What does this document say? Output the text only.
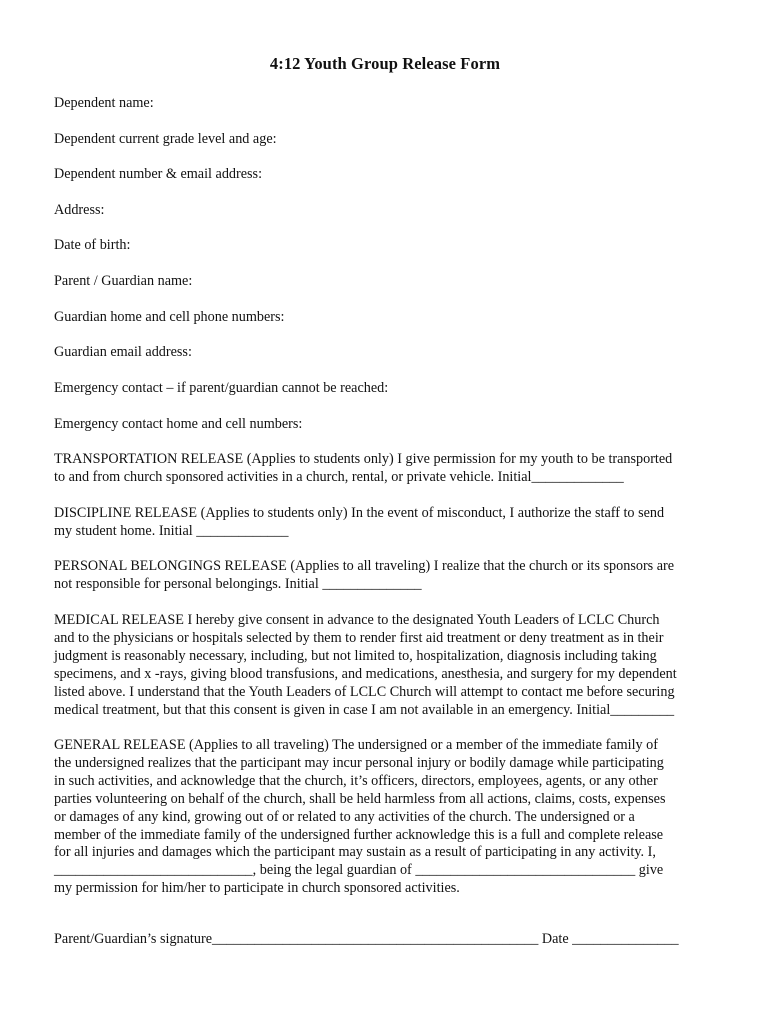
4:12 Youth Group Release Form
Dependent name:
Dependent current grade level and age:
Dependent number & email address:
Address:
Date of birth:
Parent / Guardian name:
Guardian home and cell phone numbers:
Guardian email address:
Emergency contact – if parent/guardian cannot be reached:
Emergency contact home and cell numbers:
TRANSPORTATION RELEASE (Applies to students only) I give permission for my youth to be transported
to and from church sponsored activities in a church, rental, or private vehicle. Initial_____________
DISCIPLINE RELEASE (Applies to students only) In the event of misconduct, I authorize the staff to send
my student home. Initial _____________
PERSONAL BELONGINGS RELEASE (Applies to all traveling) I realize that the church or its sponsors are
not responsible for personal belongings. Initial ______________
MEDICAL RELEASE I hereby give consent in advance to the designated Youth Leaders of LCLC Church
and to the physicians or hospitals selected by them to render first aid treatment or deny treatment as in their
judgment is reasonably necessary, including, but not limited to, hospitalization, diagnosis including taking
specimens, and x -rays, giving blood transfusions, and medications, anesthesia, and surgery for my dependent
listed above. I understand that the Youth Leaders of LCLC Church will attempt to contact me before securing
medical treatment, but that this consent is given in case I am not available in an emergency. Initial_________
GENERAL RELEASE (Applies to all traveling) The undersigned or a member of the immediate family of
the undersigned realizes that the participant may incur personal injury or bodily damage while participating
in such activities, and acknowledge that the church, it’s officers, directors, employees, agents, or any other
parties volunteering on behalf of the church, shall be held harmless from all actions, claims, costs, expenses
or damages of any kind, growing out of or related to any activities of the church. The undersigned or a
member of the immediate family of the undersigned further acknowledge this is a full and complete release
for all injuries and damages which the participant may sustain as a result of participating in any activity. I,
____________________________, being the legal guardian of _______________________________ give
my permission for him/her to participate in church sponsored activities.
Parent/Guardian’s signature______________________________________________ Date _______________
